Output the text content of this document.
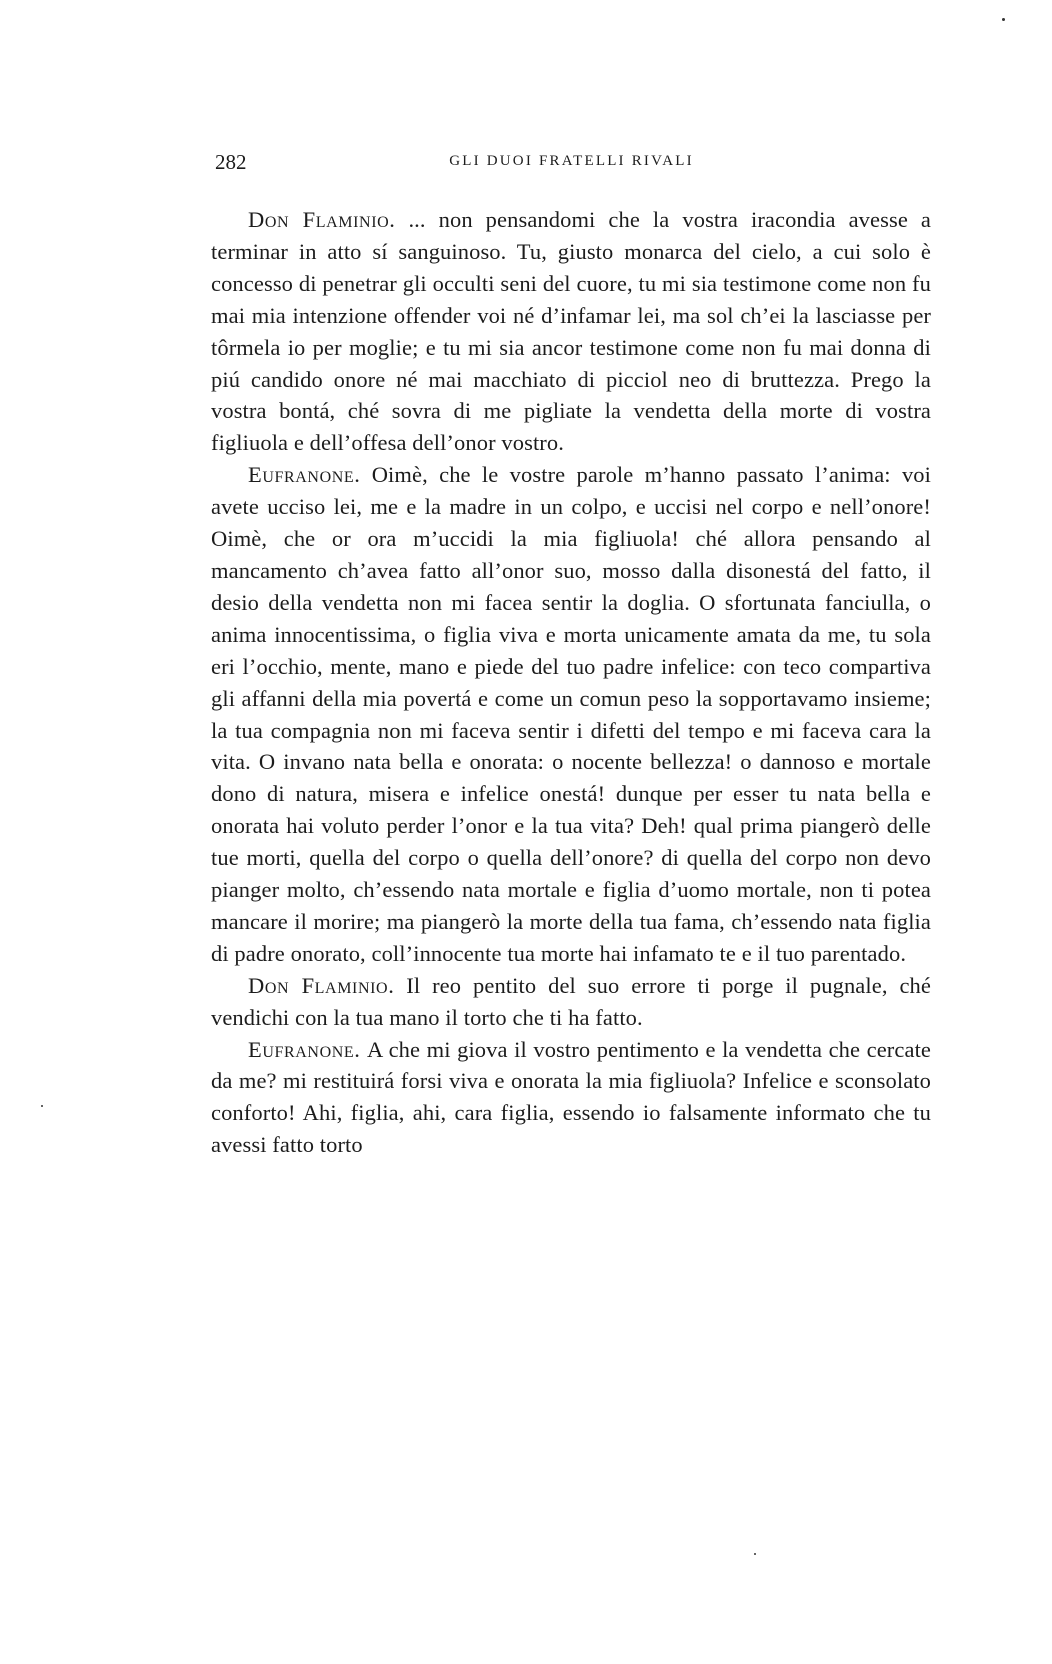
282	GLI DUOI FRATELLI RIVALI

Don Flaminio. ... non pensandomi che la vostra iracondia avesse a terminar in atto sí sanguinoso. Tu, giusto monarca del cielo, a cui solo è concesso di penetrar gli occulti seni del cuore, tu mi sia testimone come non fu mai mia intenzione offender voi né d’infamar lei, ma sol ch’ei la lasciasse per tôrmela io per moglie; e tu mi sia ancor testimone come non fu mai donna di piú candido onore né mai macchiato di picciol neo di bruttezza. Prego la vostra bontá, ché sovra di me pigliate la vendetta della morte di vostra figliuola e dell’offesa dell’onor vostro.

Eufranone. Oimè, che le vostre parole m’hanno passato l’anima: voi avete ucciso lei, me e la madre in un colpo, e uccisi nel corpo e nell’onore! Oimè, che or ora m’uccidi la mia figliuola! ché allora pensando al mancamento ch’avea fatto all’onor suo, mosso dalla disonestá del fatto, il desio della vendetta non mi facea sentir la doglia. O sfortunata fanciulla, o anima innocentissima, o figlia viva e morta unicamente amata da me, tu sola eri l’occhio, mente, mano e piede del tuo padre infelice: con teco compartiva gli affanni della mia povertá e come un comun peso la sopportavamo insieme; la tua compagnia non mi faceva sentir i difetti del tempo e mi faceva cara la vita. O invano nata bella e onorata: o nocente bellezza! o dannoso e mortale dono di natura, misera e infelice onestá! dunque per esser tu nata bella e onorata hai voluto perder l’onor e la tua vita? Deh! qual prima piangerò delle tue morti, quella del corpo o quella dell’onore? di quella del corpo non devo pianger molto, ch’essendo nata mortale e figlia d’uomo mortale, non ti potea mancare il morire; ma piangerò la morte della tua fama, ch’essendo nata figlia di padre onorato, coll’innocente tua morte hai infamato te e il tuo parentado.

Don Flaminio. Il reo pentito del suo errore ti porge il pugnale, ché vendichi con la tua mano il torto che ti ha fatto.

Eufranone. A che mi giova il vostro pentimento e la vendetta che cercate da me? mi restituirá forsi viva e onorata la mia figliuola? Infelice e sconsolato conforto! Ahi, figlia, ahi, cara figlia, essendo io falsamente informato che tu avessi fatto torto
